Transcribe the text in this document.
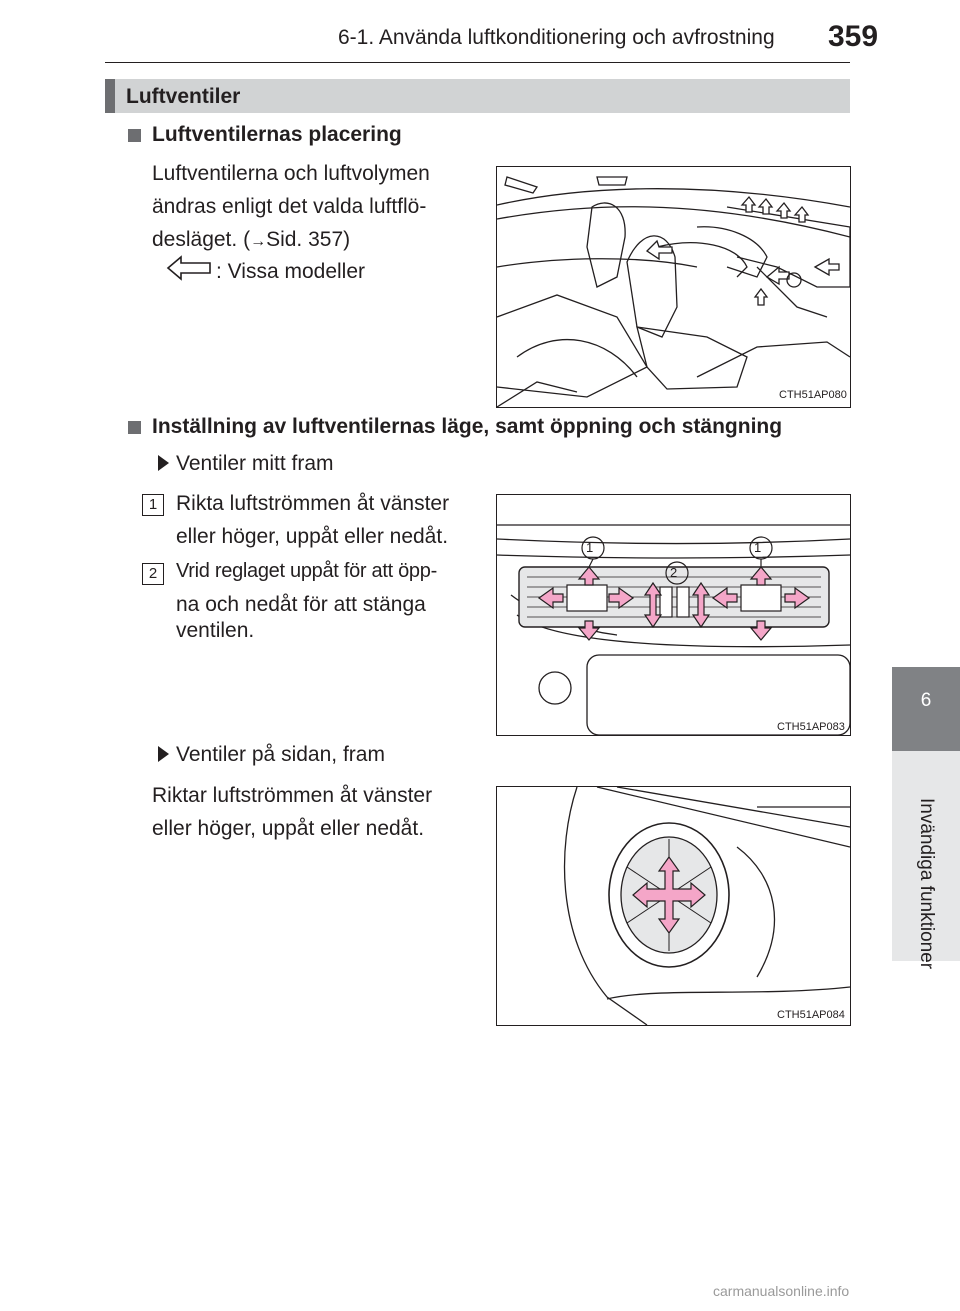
6-1. Använda luftkonditionering och avfrostning 359
Luftventiler
Luftventilernas placering
Luftventilerna och luftvolymen
ändras enligt det valda luftflö-
desläget. (→Sid. 357)
: Vissa modeller
CTH51AP080
Inställning av luftventilernas läge, samt öppning och stängning
Ventiler mitt fram
1 Rikta luftströmmen åt vänster
eller höger, uppåt eller nedåt.
2 Vrid reglaget uppåt för att öpp-
na och nedåt för att stänga
ventilen.
1	1
2
CTH51AP083
Ventiler på sidan, fram
Riktar luftströmmen åt vänster
eller höger, uppåt eller nedåt.
CTH51AP084
6
Invändiga funktioner
carmanualsonline.info
